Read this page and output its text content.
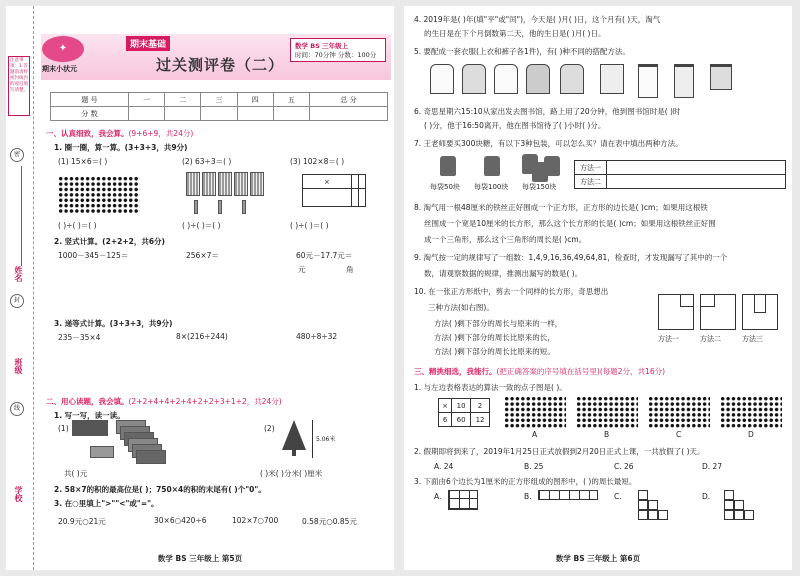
注意事项：1.答题前请将密封线内的项目填写清楚。
密
姓名
封
班级
线
学校
✦
期末小状元
期末基础
过关测评卷（二）
数学 BS 三年级上
时间：70分钟 分数：100分
题 号	一	二	三	四	五	总 分
分 数						
一、认真细致，我会算。(9+6+9，共24分)
1. 圈一圈，算一算。(3+3+3，共9分)
(1) 15×6＝( )	(2) 63÷3＝( )	(3) 102×8＝( )
×		

( )÷( )＝( )	( )÷( )＝( )	( )÷( )＝( )
2. 竖式计算。(2+2+2，共6分)
1000－345－125＝	256×7＝	60元－17.7元＝
元	角
3. 递等式计算。(3+3+3，共9分)
235－35×4	8×(216÷244)	480÷8÷32
二、用心读题，我会填。(2+2+4+4+2+4+2+2+3+1+2，共24分)
1. 写一写，读一读。
(1)	(2)
5.06米
共( )元	( )米( )分米( )厘米
2. 58×7的积的最高位是( )；750×4的积的末尾有( )个"0"。
3. 在○里填上">""<"或"="。
20.9元○21元	30×6○420÷6	102×7○700	0.58元○0.85元
数学 BS 三年级上 第5页
4. 2019年是( )年(填"平"或"闰")，今天是( )月( )日，这个月有( )天，淘气
的生日是在下个月倒数第二天，他的生日是( )月( )日。
5. 要配成一套衣服(上衣和裤子各1件)，有( )种不同的搭配方法。
6. 奇思星期六15:10从家出发去图书馆，路上用了20分钟，他到图书馆时是( )时
( )分，他于16:50离开，他在图书馆待了( )小时( )分。
7. 王老师要买300块糖，有以下3种包装，可以怎么买？请在表中填出两种方法。
每袋50块 每袋100块 每袋150块
方法一	
方法二	
8. 淘气用一根48厘米的铁丝正好围成一个正方形，正方形的边长是( )cm；如果用这根铁
丝围成一个宽是10厘米的长方形，那么这个长方形的长是( )cm；如果用这根铁丝正好围
成一个三角形，那么这个三角形的周长是( )cm。
9. 淘气按一定的规律写了一组数：1,4,9,16,36,49,64,81，检查时，才发现漏写了其中的一个
数，请观察数据的规律，推测出漏写的数是( )。
10. 在一张正方形纸中，剪去一个同样的长方形，奇思想出
三种方法(如右图)。
方法( )剩下部分的周长与原来的一样，
方法( )剩下部分的周长比原来的长，
方法( )剩下部分的周长比原来的短。
方法一	方法二	方法三
三、精挑细选，我能行。(把正确答案的序号填在括号里)(每题2分，共16分)
1. 与左边表格表达的算法一致的点子图是( )。
×	10	2
6	60	12
A	B	C	D
2. 假期即将到来了，2019年1月25日正式放假到2月20日正式上课，一共放假了( )天。
A. 24	B. 25	C. 26	D. 27
3. 下面由6个边长为1厘米的正方形组成的图形中，( )的周长最短。
A.	B.	C.	D.
数学 BS 三年级上 第6页
